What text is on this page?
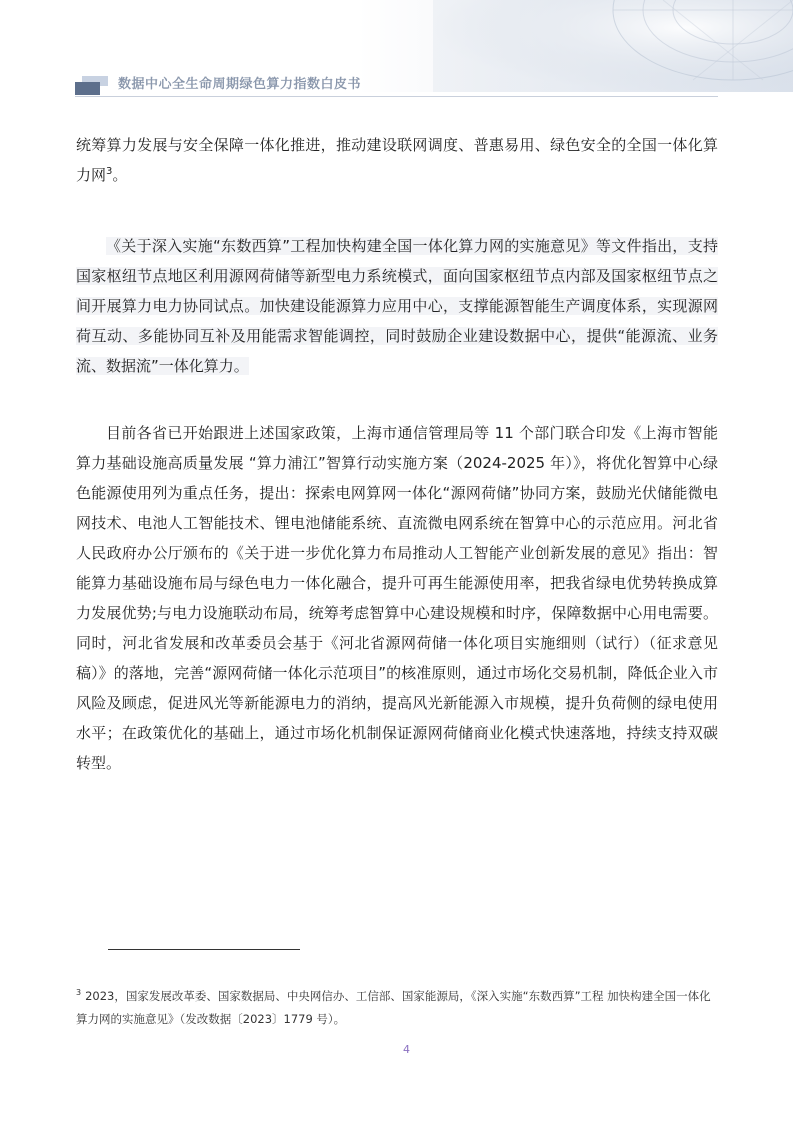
数据中心全生命周期绿色算力指数白皮书

统筹算力发展与安全保障一体化推进，推动建设联网调度、普惠易用、绿色安全的全国一体化算力网$^3$。

《关于深入实施“东数西算”工程加快构建全国一体化算力网的实施意见》等文件指出，支持国家枢纽节点地区利用源网荷储等新型电力系统模式，面向国家枢纽节点内部及国家枢纽节点之间开展算力电力协同试点。加快建设能源算力应用中心，支撑能源智能生产调度体系，实现源网荷互动、多能协同互补及用能需求智能调控，同时鼓励企业建设数据中心，提供“能源流、业务流、数据流”一体化算力。

目前各省已开始跟进上述国家政策，上海市通信管理局等 11 个部门联合印发《上海市智能算力基础设施高质量发展 “算力浦江”智算行动实施方案（2024-2025 年）》，将优化智算中心绿色能源使用列为重点任务，提出：探索电网算网一体化“源网荷储”协同方案，鼓励光伏储能微电网技术、电池人工智能技术、锂电池储能系统、直流微电网系统在智算中心的示范应用。河北省人民政府办公厅颁布的《关于进一步优化算力布局推动人工智能产业创新发展的意见》指出：智能算力基础设施布局与绿色电力一体化融合，提升可再生能源使用率，把我省绿电优势转换成算力发展优势;与电力设施联动布局，统筹考虑智算中心建设规模和时序，保障数据中心用电需要。同时，河北省发展和改革委员会基于《河北省源网荷储一体化项目实施细则（试行）（征求意见稿）》的落地，完善“源网荷储一体化示范项目”的核准原则，通过市场化交易机制，降低企业入市风险及顾虑，促进风光等新能源电力的消纳，提高风光新能源入市规模，提升负荷侧的绿电使用水平；在政策优化的基础上，通过市场化机制保证源网荷储商业化模式快速落地，持续支持双碳转型。

$^3$ 2023，国家发展改革委、国家数据局、中央网信办、工信部、国家能源局，《深入实施“东数西算”工程 加快构建全国一体化算力网的实施意见》（发改数据〔2023〕1779 号）。

4
